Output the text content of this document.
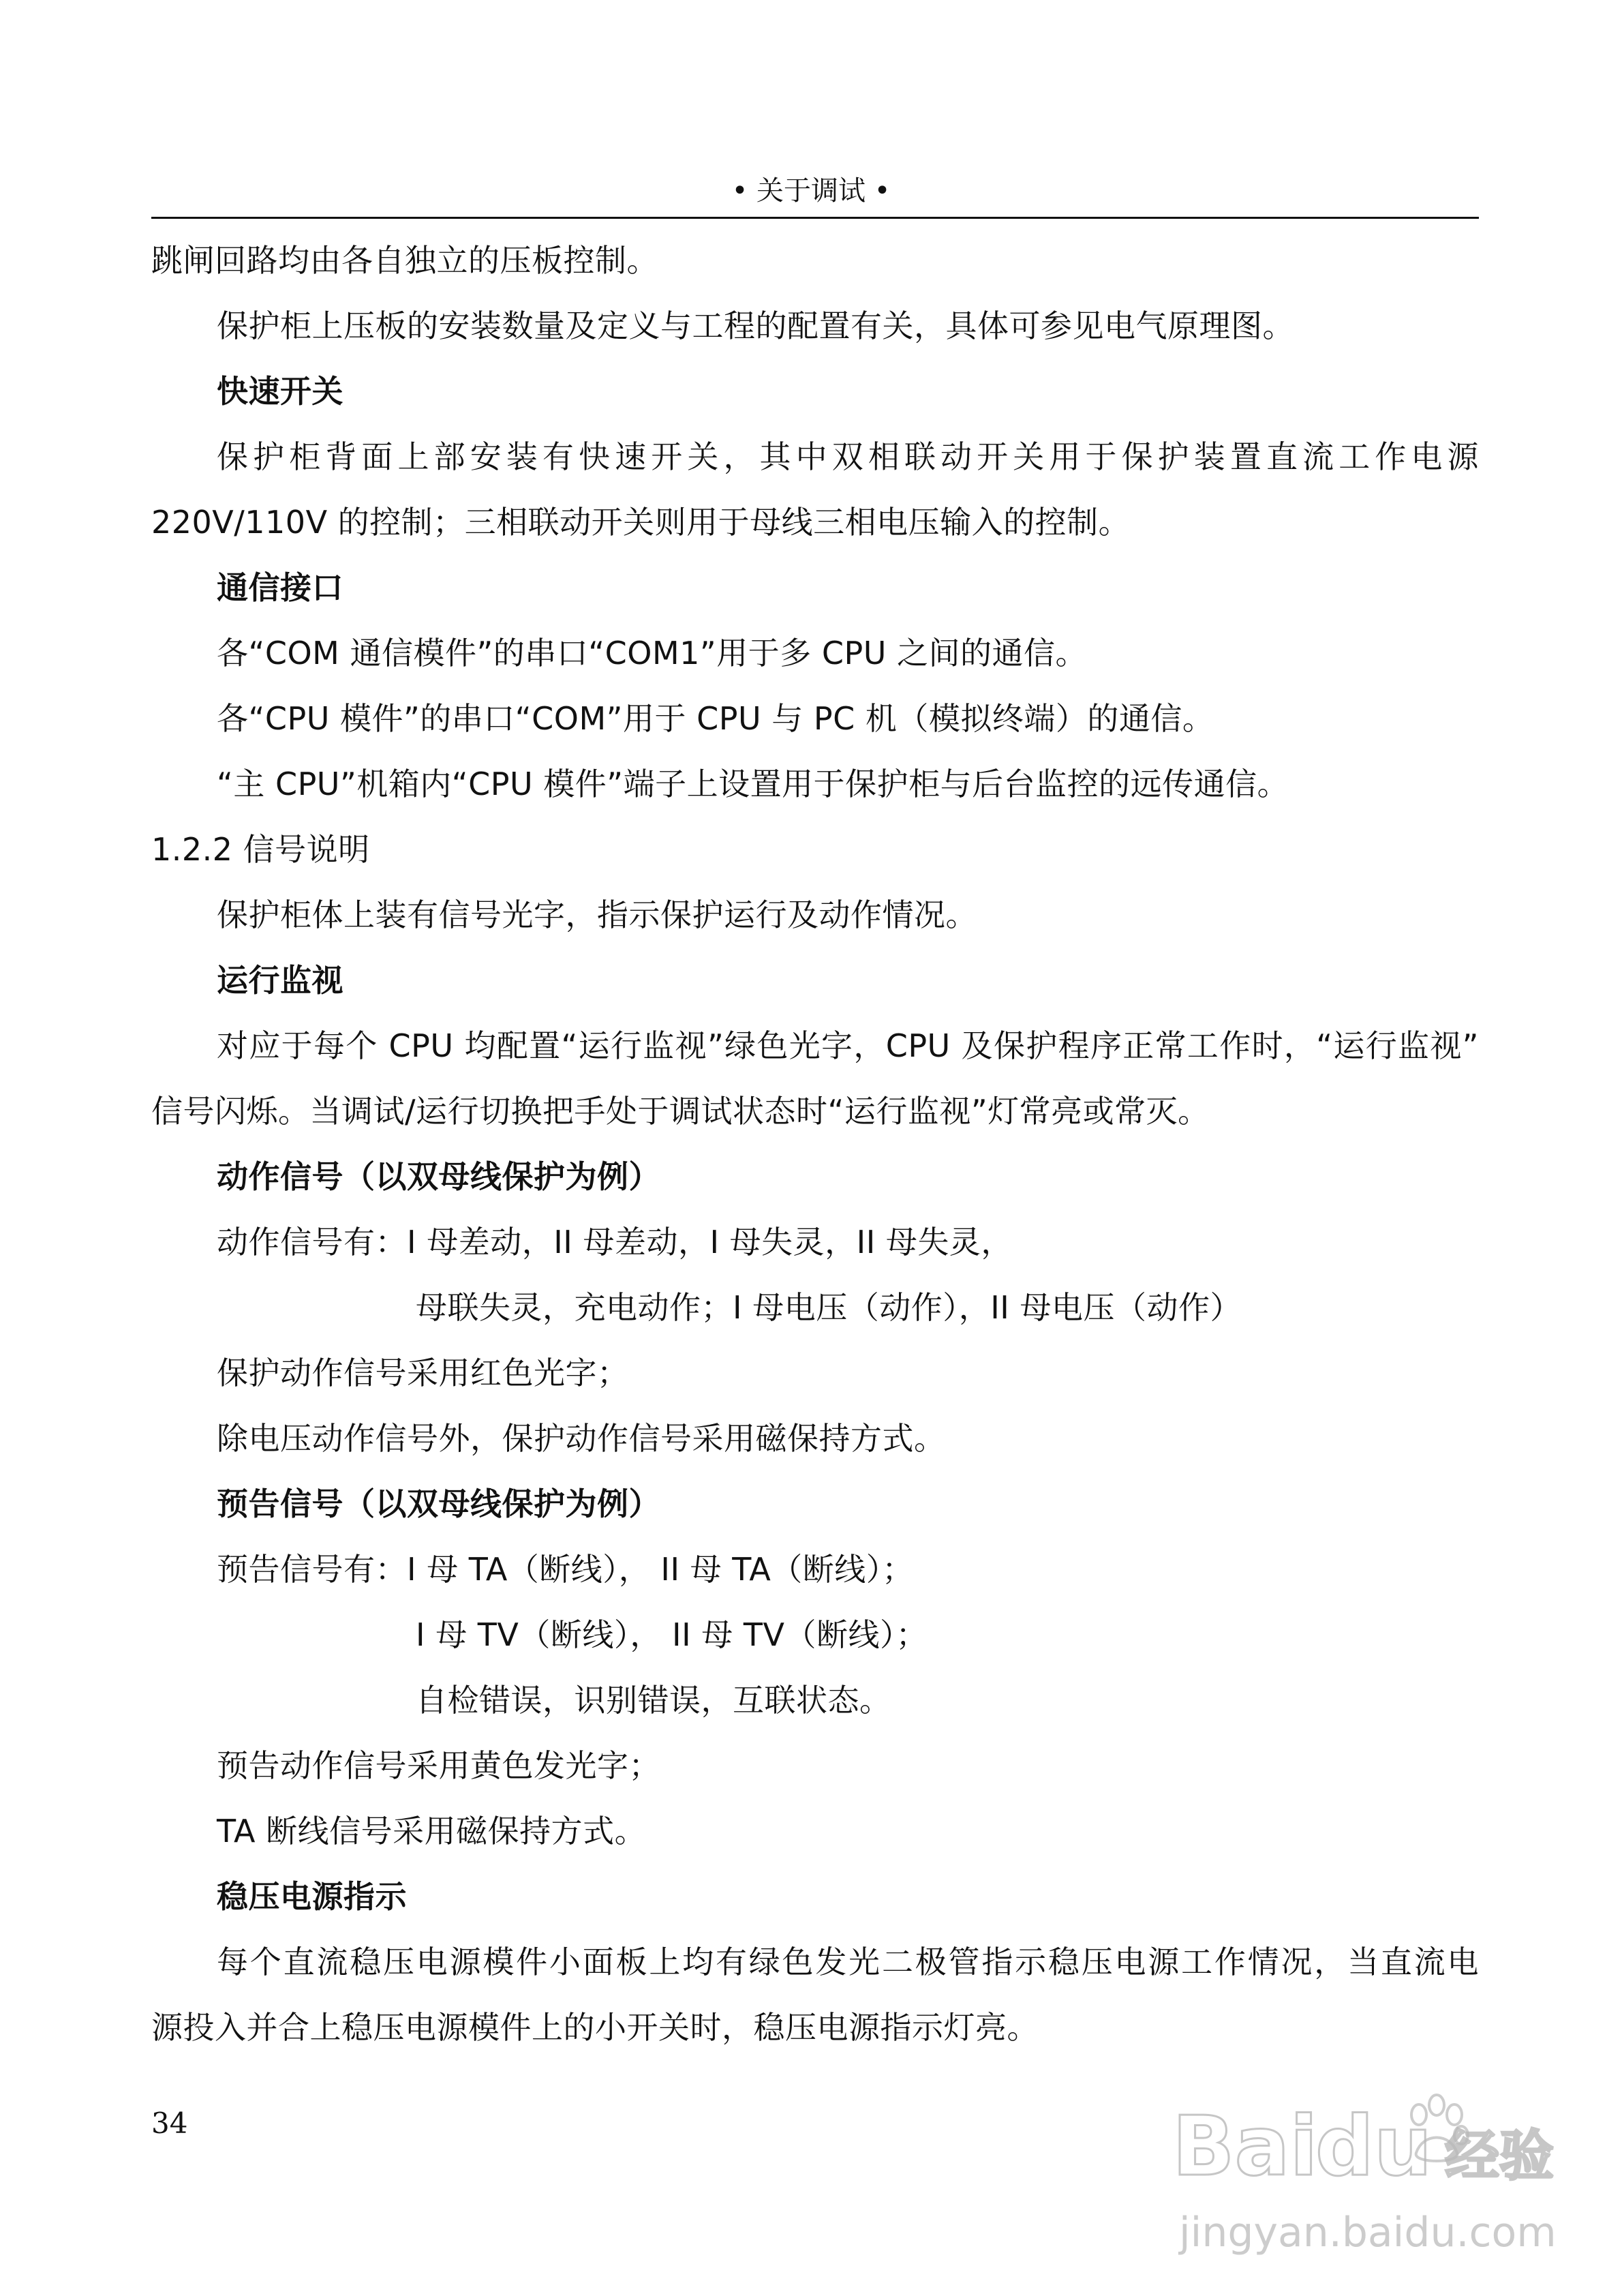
• 关于调试 •
跳闸回路均由各自独立的压板控制。
保护柜上压板的安装数量及定义与工程的配置有关，具体可参见电气原理图。
快速开关
保护柜背面上部安装有快速开关，其中双相联动开关用于保护装置直流工作电源
220V/110V 的控制；三相联动开关则用于母线三相电压输入的控制。
通信接口
各“COM 通信模件”的串口“COM1”用于多 CPU 之间的通信。
各“CPU 模件”的串口“COM”用于 CPU 与 PC 机（模拟终端）的通信。
“主 CPU”机箱内“CPU 模件”端子上设置用于保护柜与后台监控的远传通信。
1.2.2 信号说明
保护柜体上装有信号光字，指示保护运行及动作情况。
运行监视
对应于每个 CPU 均配置“运行监视”绿色光字，CPU 及保护程序正常工作时，“运行监视”
信号闪烁。当调试/运行切换把手处于调试状态时“运行监视”灯常亮或常灭。
动作信号（以双母线保护为例）
动作信号有：I 母差动，II 母差动，I 母失灵，II 母失灵，
母联失灵，充电动作；I 母电压（动作），II 母电压（动作）
保护动作信号采用红色光字；
除电压动作信号外，保护动作信号采用磁保持方式。
预告信号（以双母线保护为例）
预告信号有：I 母 TA（断线）， II 母 TA（断线）；
I 母 TV（断线）， II 母 TV（断线）；
自检错误，识别错误，互联状态。
预告动作信号采用黄色发光字；
TA 断线信号采用磁保持方式。
稳压电源指示
每个直流稳压电源模件小面板上均有绿色发光二极管指示稳压电源工作情况，当直流电
源投入并合上稳压电源模件上的小开关时，稳压电源指示灯亮。
34	Bai
du 经验
jingyan.baidu.com
